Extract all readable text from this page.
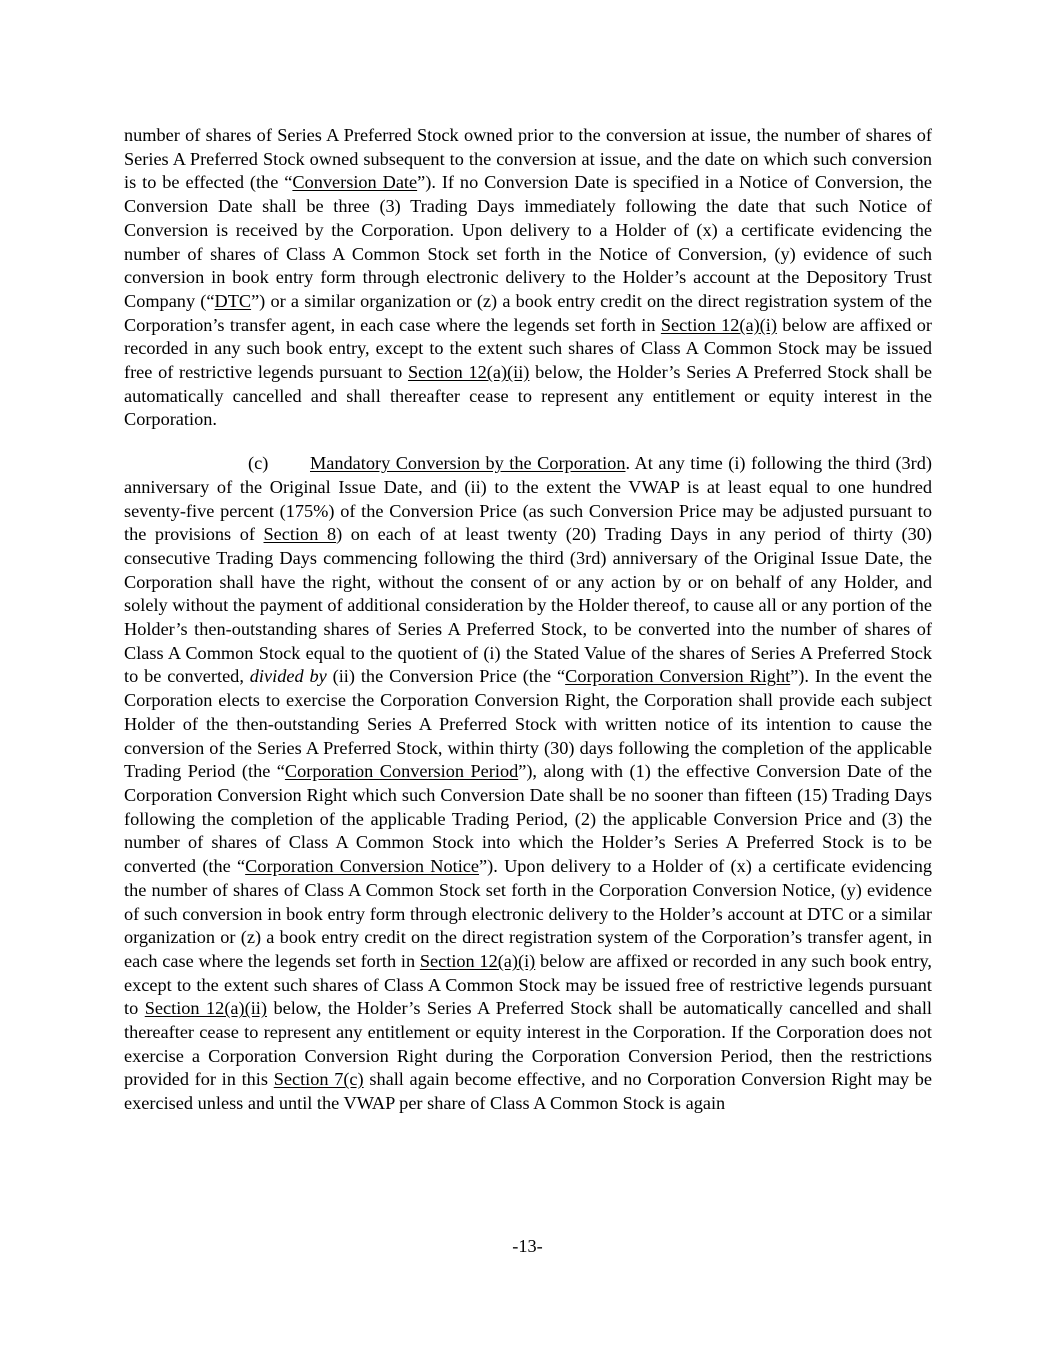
number of shares of Series A Preferred Stock owned prior to the conversion at issue, the number of shares of Series A Preferred Stock owned subsequent to the conversion at issue, and the date on which such conversion is to be effected (the “Conversion Date”). If no Conversion Date is specified in a Notice of Conversion, the Conversion Date shall be three (3) Trading Days immediately following the date that such Notice of Conversion is received by the Corporation. Upon delivery to a Holder of (x) a certificate evidencing the number of shares of Class A Common Stock set forth in the Notice of Conversion, (y) evidence of such conversion in book entry form through electronic delivery to the Holder’s account at the Depository Trust Company (“DTC”) or a similar organization or (z) a book entry credit on the direct registration system of the Corporation’s transfer agent, in each case where the legends set forth in Section 12(a)(i) below are affixed or recorded in any such book entry, except to the extent such shares of Class A Common Stock may be issued free of restrictive legends pursuant to Section 12(a)(ii) below, the Holder’s Series A Preferred Stock shall be automatically cancelled and shall thereafter cease to represent any entitlement or equity interest in the Corporation.

(c) Mandatory Conversion by the Corporation. At any time (i) following the third (3rd) anniversary of the Original Issue Date, and (ii) to the extent the VWAP is at least equal to one hundred seventy-five percent (175%) of the Conversion Price (as such Conversion Price may be adjusted pursuant to the provisions of Section 8) on each of at least twenty (20) Trading Days in any period of thirty (30) consecutive Trading Days commencing following the third (3rd) anniversary of the Original Issue Date, the Corporation shall have the right, without the consent of or any action by or on behalf of any Holder, and solely without the payment of additional consideration by the Holder thereof, to cause all or any portion of the Holder’s then-outstanding shares of Series A Preferred Stock, to be converted into the number of shares of Class A Common Stock equal to the quotient of (i) the Stated Value of the shares of Series A Preferred Stock to be converted, divided by (ii) the Conversion Price (the “Corporation Conversion Right”). In the event the Corporation elects to exercise the Corporation Conversion Right, the Corporation shall provide each subject Holder of the then-outstanding Series A Preferred Stock with written notice of its intention to cause the conversion of the Series A Preferred Stock, within thirty (30) days following the completion of the applicable Trading Period (the “Corporation Conversion Period”), along with (1) the effective Conversion Date of the Corporation Conversion Right which such Conversion Date shall be no sooner than fifteen (15) Trading Days following the completion of the applicable Trading Period, (2) the applicable Conversion Price and (3) the number of shares of Class A Common Stock into which the Holder’s Series A Preferred Stock is to be converted (the “Corporation Conversion Notice”). Upon delivery to a Holder of (x) a certificate evidencing the number of shares of Class A Common Stock set forth in the Corporation Conversion Notice, (y) evidence of such conversion in book entry form through electronic delivery to the Holder’s account at DTC or a similar organization or (z) a book entry credit on the direct registration system of the Corporation’s transfer agent, in each case where the legends set forth in Section 12(a)(i) below are affixed or recorded in any such book entry, except to the extent such shares of Class A Common Stock may be issued free of restrictive legends pursuant to Section 12(a)(ii) below, the Holder’s Series A Preferred Stock shall be automatically cancelled and shall thereafter cease to represent any entitlement or equity interest in the Corporation. If the Corporation does not exercise a Corporation Conversion Right during the Corporation Conversion Period, then the restrictions provided for in this Section 7(c) shall again become effective, and no Corporation Conversion Right may be exercised unless and until the VWAP per share of Class A Common Stock is again

-13-
